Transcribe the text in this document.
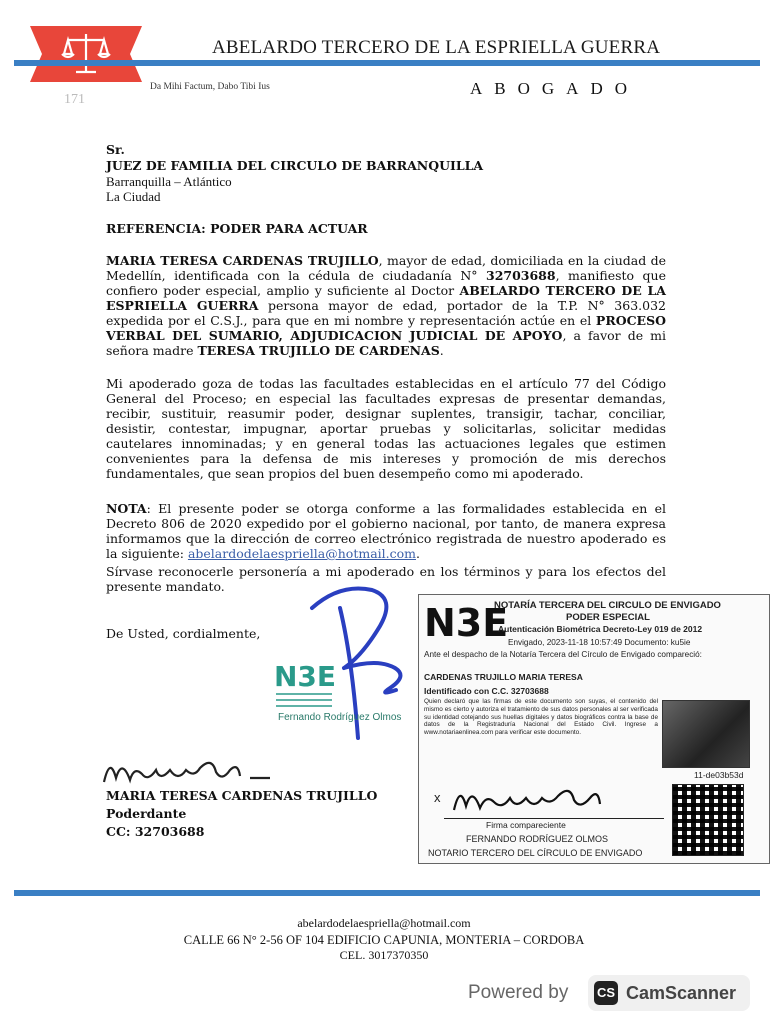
ABELARDO TERCERO DE LA ESPRIELLA GUERRA
Da Mihi Factum, Dabo Tibi Ius	ABOGADO
171
Sr.
JUEZ DE FAMILIA DEL CIRCULO DE BARRANQUILLA
Barranquilla – Atlántico
La Ciudad
REFERENCIA: PODER PARA ACTUAR
MARIA TERESA CARDENAS TRUJILLO, mayor de edad, domiciliada en la ciudad de Medellín, identificada con la cédula de ciudadanía N° 32703688, manifiesto que confiero poder especial, amplio y suficiente al Doctor ABELARDO TERCERO DE LA ESPRIELLA GUERRA persona mayor de edad, portador de la T.P. N° 363.032 expedida por el C.S.J., para que en mi nombre y representación actúe en el PROCESO VERBAL DEL SUMARIO, ADJUDICACION JUDICIAL DE APOYO, a favor de mi señora madre TERESA TRUJILLO DE CARDENAS.
Mi apoderado goza de todas las facultades establecidas en el artículo 77 del Código General del Proceso; en especial las facultades expresas de presentar demandas, recibir, sustituir, reasumir poder, designar suplentes, transigir, tachar, conciliar, desistir, contestar, impugnar, aportar pruebas y solicitarlas, solicitar medidas cautelares innominadas; y en general todas las actuaciones legales que estimen convenientes para la defensa de mis intereses y promoción de mis derechos fundamentales, que sean propios del buen desempeño como mi apoderado.
NOTA: El presente poder se otorga conforme a las formalidades establecida en el Decreto 806 de 2020 expedido por el gobierno nacional, por tanto, de manera expresa informamos que la dirección de correo electrónico registrada de nuestro apoderado es la siguiente: abelardodelaespriella@hotmail.com.
Sírvase reconocerle personería a mi apoderado en los términos y para los efectos del presente mandato.
De Usted, cordialmente,
N3E
Fernando Rodríguez Olmos
MARIA TERESA CARDENAS TRUJILLO
Poderdante
CC: 32703688
N3E
NOTARÍA TERCERA DEL CIRCULO DE ENVIGADO
PODER ESPECIAL
Autenticación Biométrica Decreto-Ley 019 de 2012
Envigado, 2023-11-18 10:57:49 Documento: ku5ie
Ante el despacho de la Notaría Tercera del Círculo de Envigado compareció:
CARDENAS TRUJILLO MARIA TERESA
Identificado con C.C. 32703688
Quien declaró que las firmas de este documento son suyas, el contenido del mismo es cierto y autoriza el tratamiento de sus datos personales al ser verificada su identidad cotejando sus huellas digitales y datos biográficos contra la base de datos de la Registraduría Nacional del Estado Civil. Ingrese a www.notariaenlinea.com para verificar este documento.
11-de03b53d
x
Firma compareciente
FERNANDO RODRÍGUEZ OLMOS
NOTARIO TERCERO DEL CÍRCULO DE ENVIGADO
abelardodelaespriella@hotmail.com
CALLE 66 N° 2-56 OF 104 EDIFICIO CAPUNIA, MONTERIA – CORDOBA
CEL. 3017370350
Powered by CS CamScanner
